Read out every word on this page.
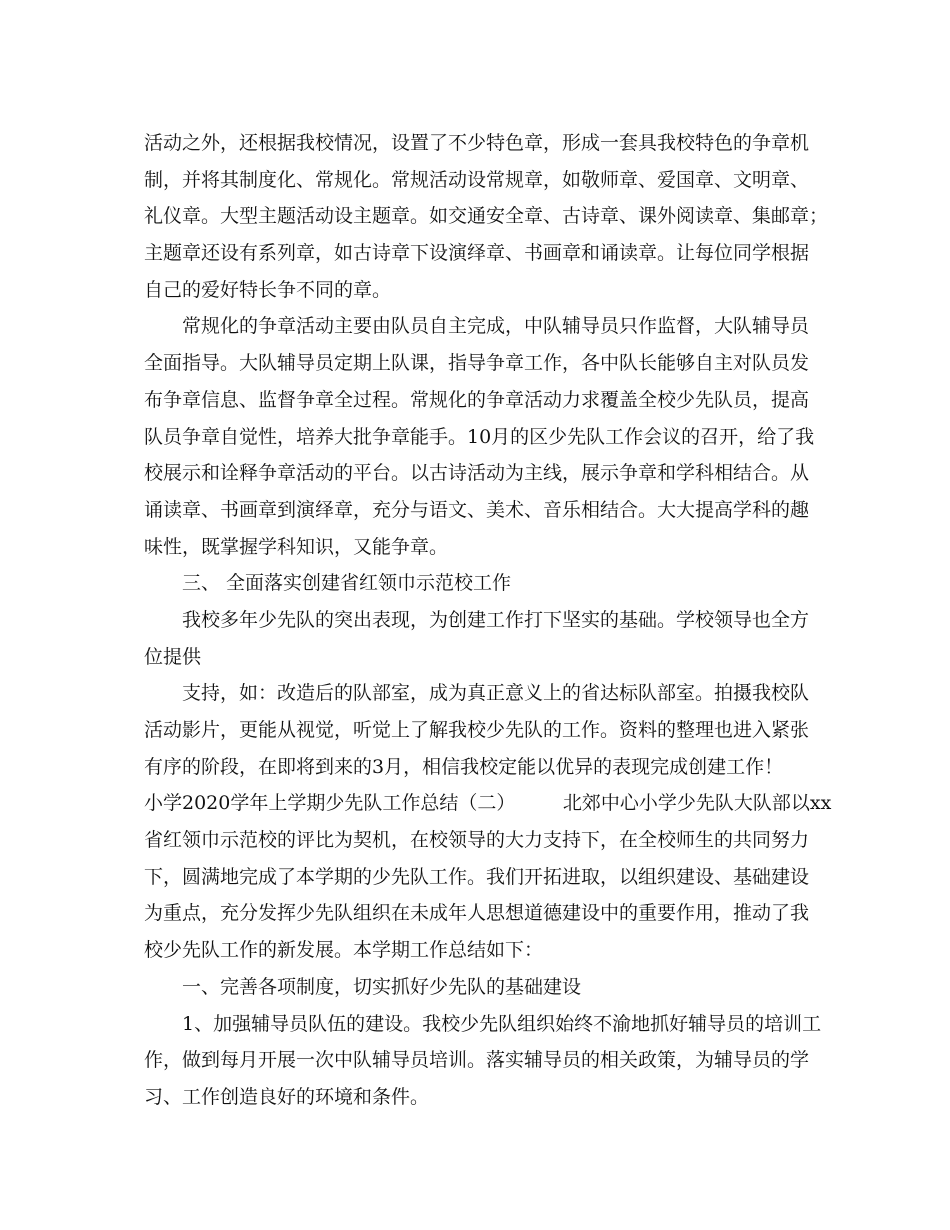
活动之外，还根据我校情况，设置了不少特色章，形成一套具我校特色的争章机
制，并将其制度化、常规化。常规活动设常规章，如敬师章、爱国章、文明章、
礼仪章。大型主题活动设主题章。如交通安全章、古诗章、课外阅读章、集邮章；
主题章还设有系列章，如古诗章下设演绎章、书画章和诵读章。让每位同学根据
自己的爱好特长争不同的章。
常规化的争章活动主要由队员自主完成，中队辅导员只作监督，大队辅导员
全面指导。大队辅导员定期上队课，指导争章工作，各中队长能够自主对队员发
布争章信息、监督争章全过程。常规化的争章活动力求覆盖全校少先队员，提高
队员争章自觉性，培养大批争章能手。10月的区少先队工作会议的召开，给了我
校展示和诠释争章活动的平台。以古诗活动为主线，展示争章和学科相结合。从
诵读章、书画章到演绎章，充分与语文、美术、音乐相结合。大大提高学科的趣
味性，既掌握学科知识，又能争章。
三、 全面落实创建省红领巾示范校工作
我校多年少先队的突出表现，为创建工作打下坚实的基础。学校领导也全方
位提供
支持，如：改造后的队部室，成为真正意义上的省达标队部室。拍摄我校队
活动影片，更能从视觉，听觉上了解我校少先队的工作。资料的整理也进入紧张
有序的阶段，在即将到来的3月，相信我校定能以优异的表现完成创建工作！
小学2020学年上学期少先队工作总结（二）　　　北郊中心小学少先队大队部以xx
省红领巾示范校的评比为契机，在校领导的大力支持下，在全校师生的共同努力
下，圆满地完成了本学期的少先队工作。我们开拓进取，以组织建设、基础建设
为重点，充分发挥少先队组织在未成年人思想道德建设中的重要作用，推动了我
校少先队工作的新发展。本学期工作总结如下：
一、完善各项制度，切实抓好少先队的基础建设
1、加强辅导员队伍的建设。我校少先队组织始终不渝地抓好辅导员的培训工
作，做到每月开展一次中队辅导员培训。落实辅导员的相关政策，为辅导员的学
习、工作创造良好的环境和条件。
